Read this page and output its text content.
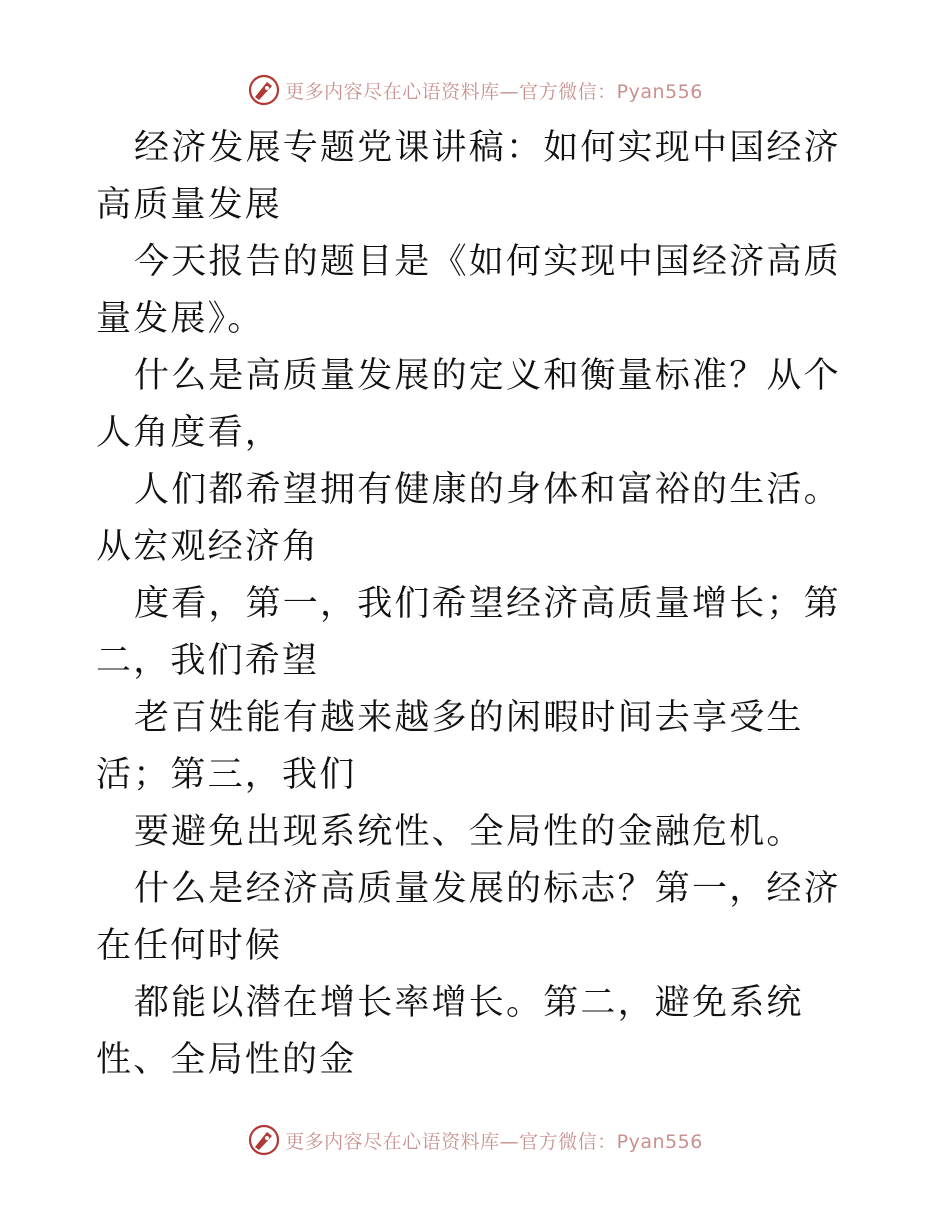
更多内容尽在心语资料库—官方微信：Pyan556

经济发展专题党课讲稿：如何实现中国经济高质量发展

今天报告的题目是《如何实现中国经济高质量发展》。

什么是高质量发展的定义和衡量标准？从个人角度看，

人们都希望拥有健康的身体和富裕的生活。从宏观经济角

度看，第一，我们希望经济高质量增长；第二，我们希望

老百姓能有越来越多的闲暇时间去享受生活；第三，我们

要避免出现系统性、全局性的金融危机。

什么是经济高质量发展的标志？第一，经济在任何时候

都能以潜在增长率增长。第二，避免系统性、全局性的金

更多内容尽在心语资料库—官方微信：Pyan556
